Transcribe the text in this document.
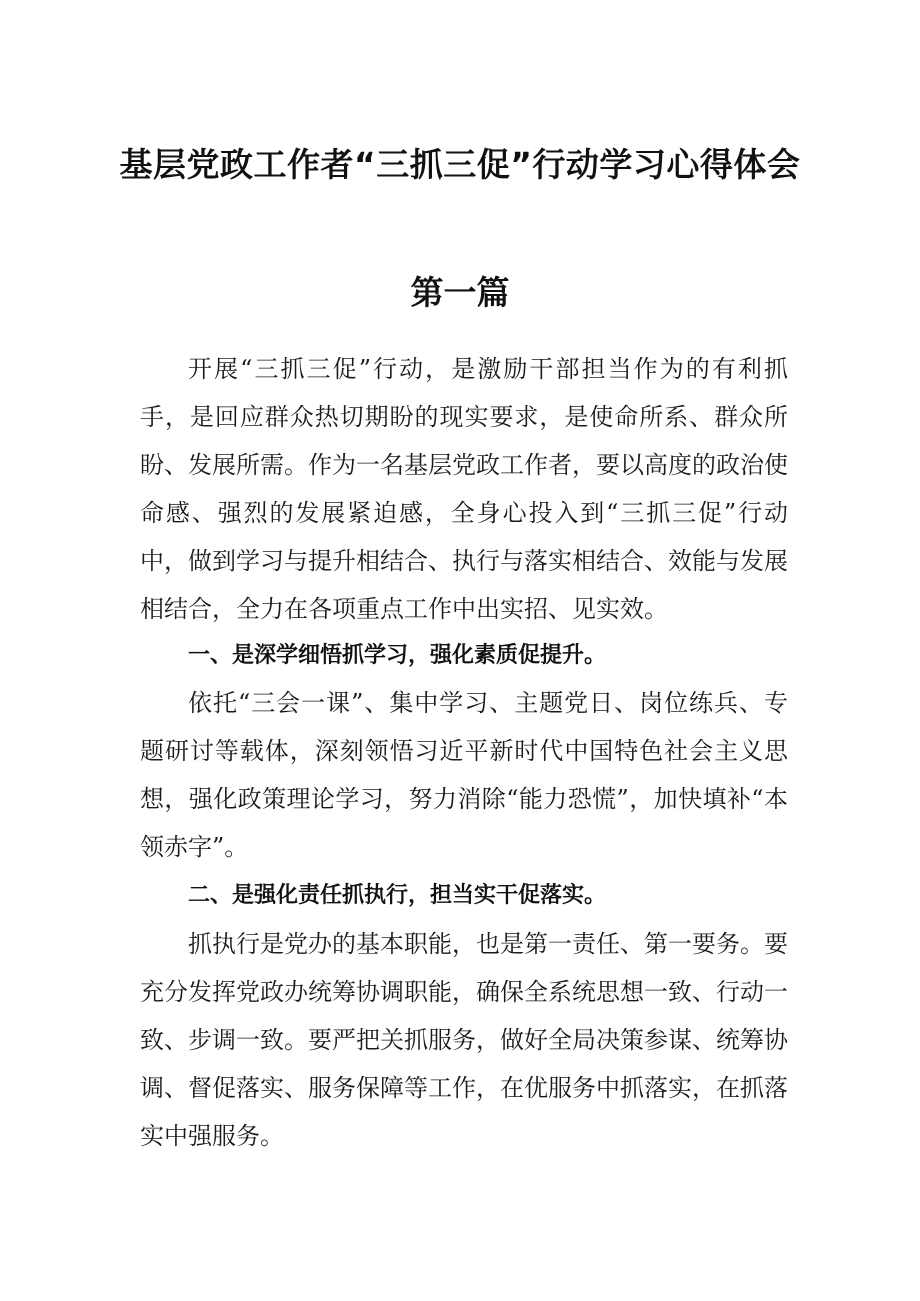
基层党政工作者“三抓三促”行动学习心得体会
第一篇

开展“三抓三促”行动，是激励干部担当作为的有利抓手，是回应群众热切期盼的现实要求，是使命所系、群众所盼、发展所需。作为一名基层党政工作者，要以高度的政治使命感、强烈的发展紧迫感，全身心投入到“三抓三促”行动中，做到学习与提升相结合、执行与落实相结合、效能与发展相结合，全力在各项重点工作中出实招、见实效。

一、是深学细悟抓学习，强化素质促提升。

依托“三会一课”、集中学习、主题党日、岗位练兵、专题研讨等载体，深刻领悟习近平新时代中国特色社会主义思想，强化政策理论学习，努力消除“能力恐慌”，加快填补“本领赤字”。

二、是强化责任抓执行，担当实干促落实。

抓执行是党办的基本职能，也是第一责任、第一要务。要充分发挥党政办统筹协调职能，确保全系统思想一致、行动一致、步调一致。要严把关抓服务，做好全局决策参谋、统筹协调、督促落实、服务保障等工作，在优服务中抓落实，在抓落实中强服务。
